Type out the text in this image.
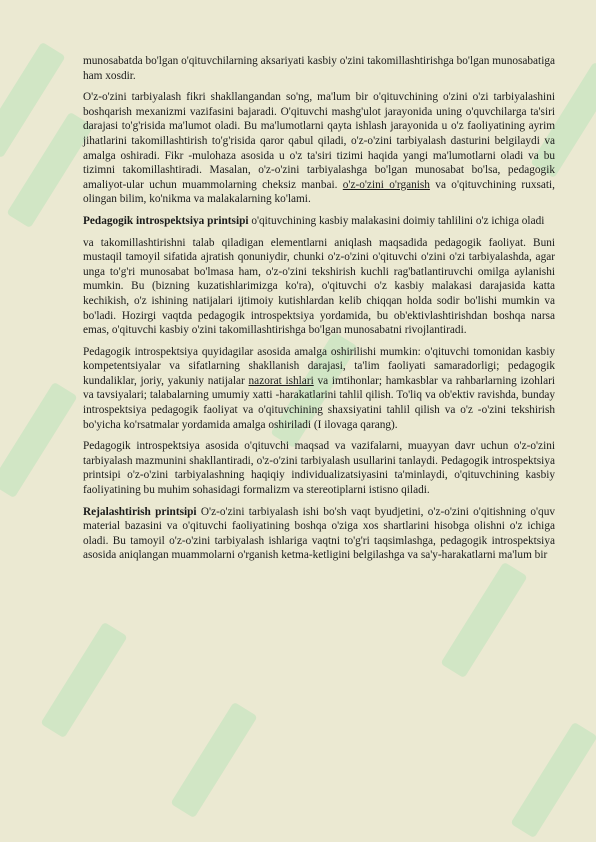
munosabatda bo'lgan o'qituvchilarning aksariyati kasbiy o'zini takomillashtirishga bo'lgan munosabatiga ham xosdir.

O'z-o'zini tarbiyalash fikri shakllangandan so'ng, ma'lum bir o'qituvchining o'zini o'zi tarbiyalashini boshqarish mexanizmi vazifasini bajaradi. O'qituvchi mashg'ulot jarayonida uning o'quvchilarga ta'siri darajasi to'g'risida ma'lumot oladi. Bu ma'lumotlarni qayta ishlash jarayonida u o'z faoliyatining ayrim jihatlarini takomillashtirish to'g'risida qaror qabul qiladi, o'z-o'zini tarbiyalash dasturini belgilaydi va amalga oshiradi. Fikr -mulohaza asosida u o'z ta'siri tizimi haqida yangi ma'lumotlarni oladi va bu tizimni takomillashtiradi. Masalan, o'z-o'zini tarbiyalashga bo'lgan munosabat bo'lsa, pedagogik amaliyot-ular uchun muammolarning cheksiz manbai. o'z-o'zini o'rganish va o'qituvchining ruxsati, olingan bilim, ko'nikma va malakalarning ko'lami.

Pedagogik introspektsiya printsipi o'qituvchining kasbiy malakasini doimiy tahlilini o'z ichiga oladi

va takomillashtirishni talab qiladigan elementlarni aniqlash maqsadida pedagogik faoliyat. Buni mustaqil tamoyil sifatida ajratish qonuniydir, chunki o'z-o'zini o'qituvchi o'zini o'zi tarbiyalashda, agar unga to'g'ri munosabat bo'lmasa ham, o'z-o'zini tekshirish kuchli rag'batlantiruvchi omilga aylanishi mumkin. Bu (bizning kuzatishlarimizga ko'ra), o'qituvchi o'z kasbiy malakasi darajasida katta kechikish, o'z ishining natijalari ijtimoiy kutishlardan kelib chiqqan holda sodir bo'lishi mumkin va bo'ladi. Hozirgi vaqtda pedagogik introspektsiya yordamida, bu ob'ektivlashtirishdan boshqa narsa emas, o'qituvchi kasbiy o'zini takomillashtirishga bo'lgan munosabatni rivojlantiradi.

Pedagogik introspektsiya quyidagilar asosida amalga oshirilishi mumkin: o'qituvchi tomonidan kasbiy kompetentsiyalar va sifatlarning shakllanish darajasi, ta'lim faoliyati samaradorligi; pedagogik kundaliklar, joriy, yakuniy natijalar nazorat ishlari va imtihonlar; hamkasblar va rahbarlarning izohlari va tavsiyalari; talabalarning umumiy xatti -harakatlarini tahlil qilish. To'liq va ob'ektiv ravishda, bunday introspektsiya pedagogik faoliyat va o'qituvchining shaxsiyatini tahlil qilish va o'z -o'zini tekshirish bo'yicha ko'rsatmalar yordamida amalga oshiriladi (I ilovaga qarang).

Pedagogik introspektsiya asosida o'qituvchi maqsad va vazifalarni, muayyan davr uchun o'z-o'zini tarbiyalash mazmunini shakllantiradi, o'z-o'zini tarbiyalash usullarini tanlaydi. Pedagogik introspektsiya printsipi o'z-o'zini tarbiyalashning haqiqiy individualizatsiyasini ta'minlaydi, o'qituvchining kasbiy faoliyatining bu muhim sohasidagi formalizm va stereotiplarni istisno qiladi.

Rejalashtirish printsipi O'z-o'zini tarbiyalash ishi bo'sh vaqt byudjetini, o'z-o'zini o'qitishning o'quv material bazasini va o'qituvchi faoliyatining boshqa o'ziga xos shartlarini hisobga olishni o'z ichiga oladi. Bu tamoyil o'z-o'zini tarbiyalash ishlariga vaqtni to'g'ri taqsimlashga, pedagogik introspektsiya asosida aniqlangan muammolarni o'rganish ketma-ketligini belgilashga va sa'y-harakatlarni ma'lum bir
